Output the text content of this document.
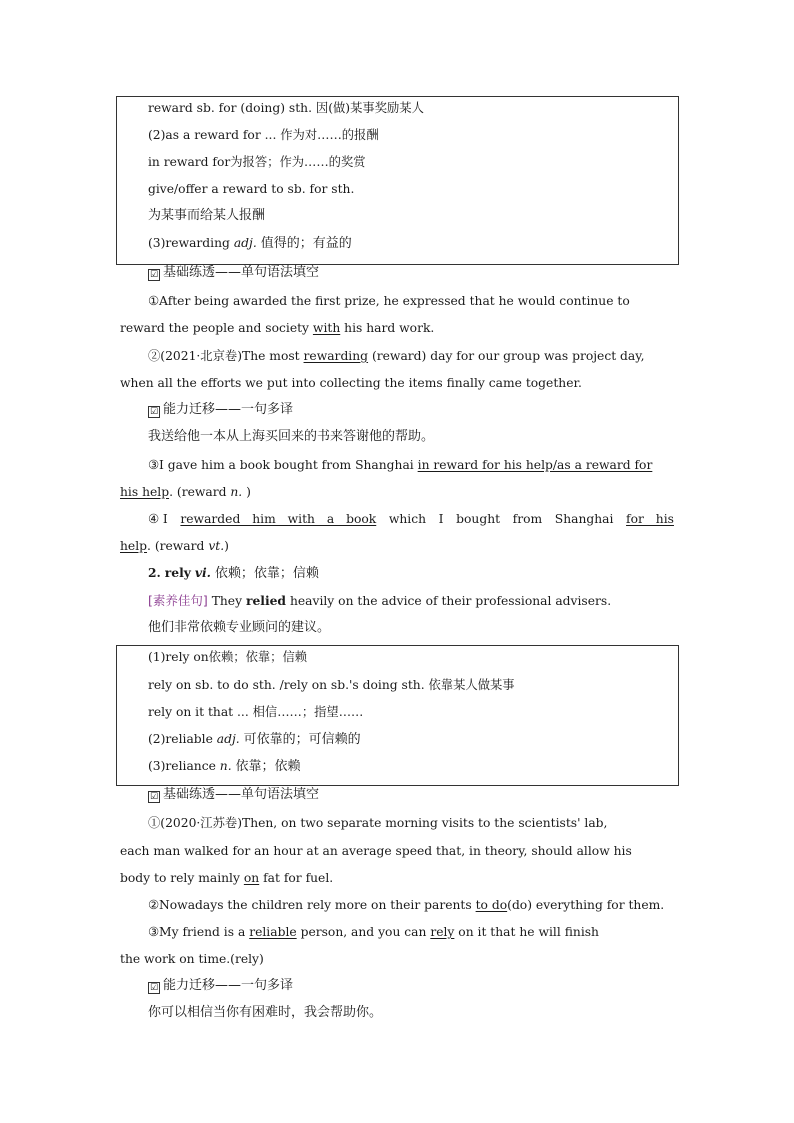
reward sb. for (doing) sth. 因(做)某事奖励某人
(2)as a reward for ... 作为对……的报酬
in reward for为报答；作为……的奖赏
give/offer a reward to sb. for sth.
为某事而给某人报酬
(3)rewarding adj. 值得的；有益的
☑ 基础练透——单句语法填空
①After being awarded the first prize, he expressed that he would continue to
reward the people and society with his hard work.
②(2021·北京卷)The most rewarding (reward) day for our group was project day,
when all the efforts we put into collecting the items finally came together.
☑ 能力迁移——一句多译
我送给他一本从上海买回来的书来答谢他的帮助。
③I gave him a book bought from Shanghai in reward for his help/as a reward for
his help. (reward n. )
④ I rewarded him with a book which I bought from Shanghai for his
help. (reward vt.)
2. rely vi. 依赖；依靠；信赖
[素养佳句] They relied heavily on the advice of their professional advisers.
他们非常依赖专业顾问的建议。
(1)rely on依赖；依靠；信赖
rely on sb. to do sth. /rely on sb.'s doing sth. 依靠某人做某事
rely on it that ... 相信……；指望……
(2)reliable adj. 可依靠的；可信赖的
(3)reliance n. 依靠；依赖
☑ 基础练透——单句语法填空
①(2020·江苏卷)Then, on two separate morning visits to the scientists' lab,
each man walked for an hour at an average speed that, in theory, should allow his
body to rely mainly on fat for fuel.
②Nowadays the children rely more on their parents to do(do) everything for them.
③My friend is a reliable person, and you can rely on it that he will finish
the work on time.(rely)
☑ 能力迁移——一句多译
你可以相信当你有困难时，我会帮助你。
